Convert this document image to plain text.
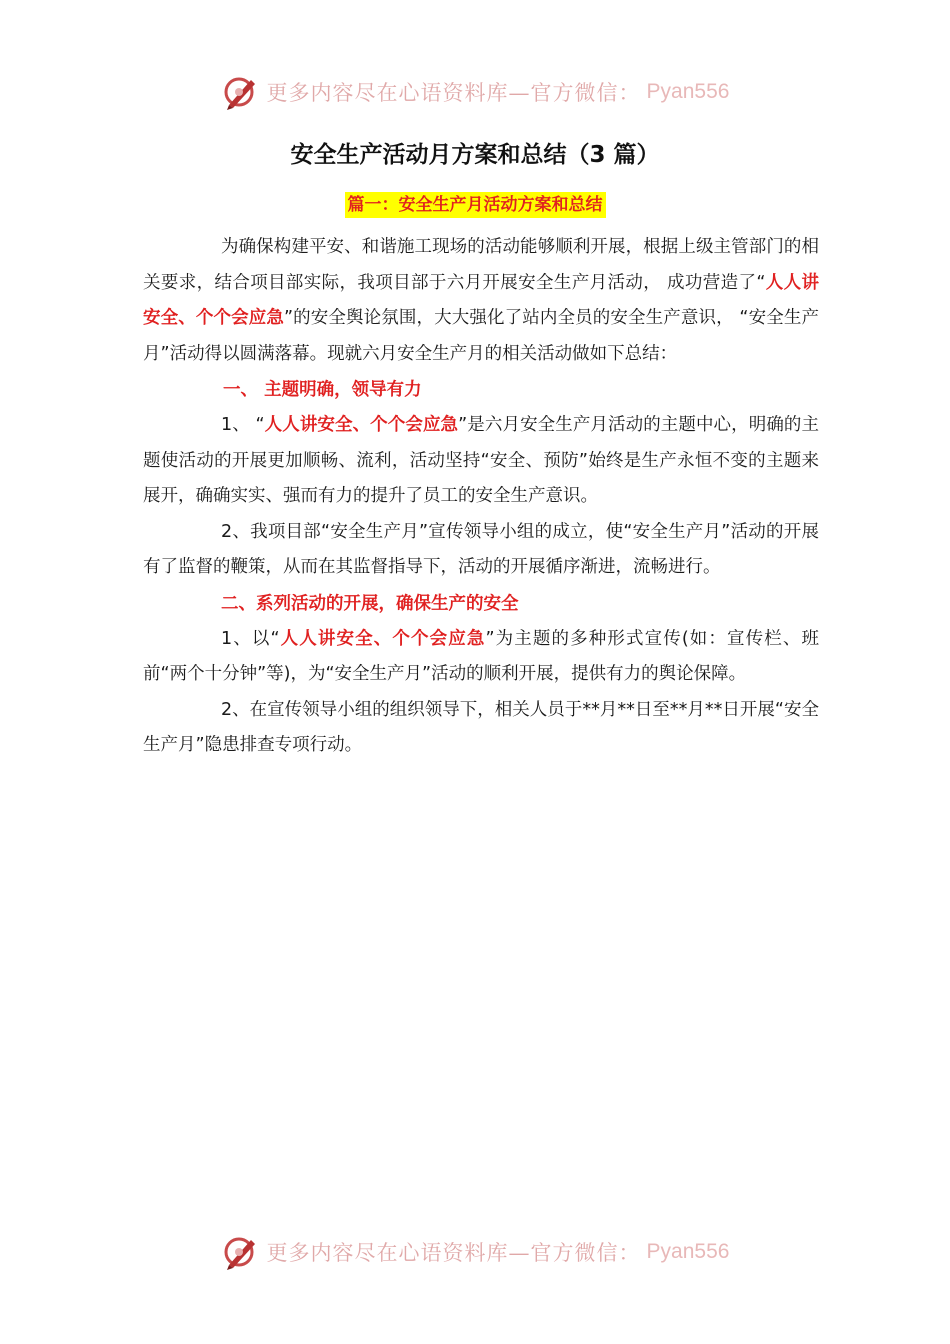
更多内容尽在心语资料库—官方微信： Pyan556
安全生产活动月方案和总结（3 篇）
篇一：安全生产月活动方案和总结

为确保构建平安、和谐施工现场的活动能够顺利开展，根据上级主管部门的相关要求，结合项目部实际，我项目部于六月开展安全生产月活动， 成功营造了“人人讲安全、个个会应急”的安全舆论氛围，大大强化了站内全员的安全生产意识， “安全生产月”活动得以圆满落幕。现就六月安全生产月的相关活动做如下总结：

一、 主题明确，领导有力

1、 “人人讲安全、个个会应急”是六月安全生产月活动的主题中心，明确的主题使活动的开展更加顺畅、流利，活动坚持“安全、预防”始终是生产永恒不变的主题来展开，确确实实、强而有力的提升了员工的安全生产意识。

2、我项目部“安全生产月”宣传领导小组的成立，使“安全生产月”活动的开展有了监督的鞭策，从而在其监督指导下，活动的开展循序渐进，流畅进行。

二、系列活动的开展，确保生产的安全

1、以“人人讲安全、个个会应急”为主题的多种形式宣传(如：宣传栏、班前“两个十分钟”等)，为“安全生产月”活动的顺利开展，提供有力的舆论保障。

2、在宣传领导小组的组织领导下，相关人员于**月**日至**月**日开展“安全生产月”隐患排查专项行动。

更多内容尽在心语资料库—官方微信： Pyan556
